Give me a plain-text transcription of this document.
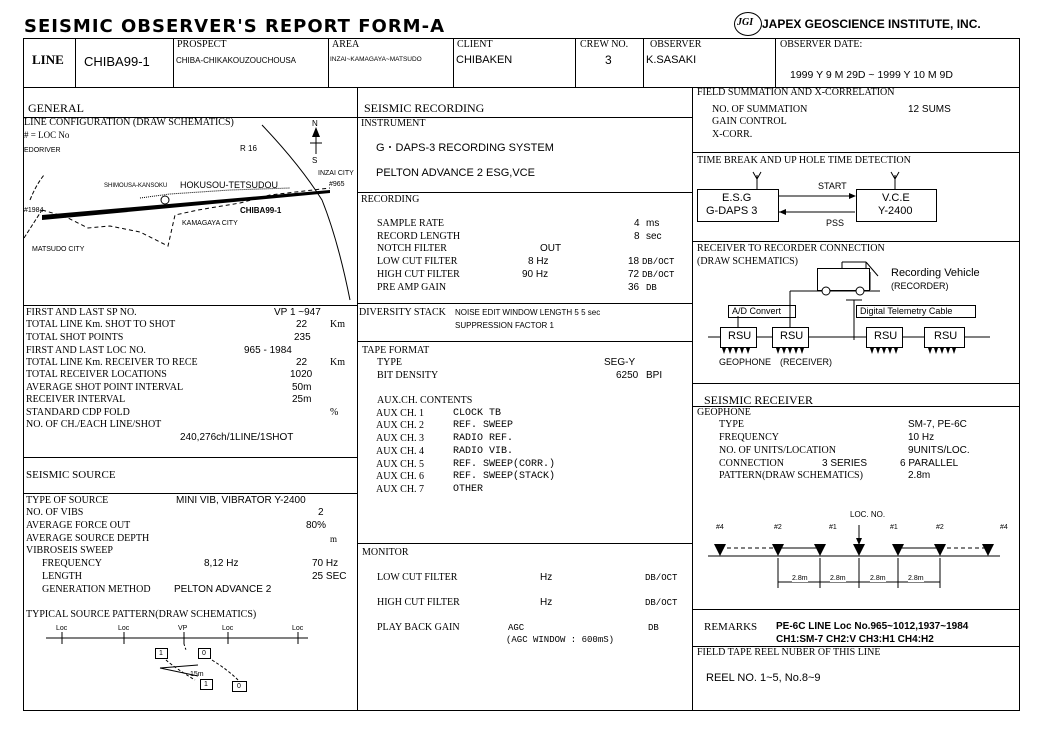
SEISMIC OBSERVER'S REPORT FORM-A	JGI JAPEX GEOSCIENCE INSTITUTE, INC.
LINE CHIBA99-1
PROSPECT
CHIBA-CHIKAKOUZOUCHOUSA
AREA
INZAI~KAMAGAYA~MATSUDO
CLIENT
CHIBAKEN
CREW NO.
3
OBSERVER
K.SASAKI
OBSERVER DATE:
1999 Y 9 M 29D ~ 1999 Y 10 M 9D
GENERAL
LINE CONFIGURATION (DRAW SCHEMATICS)
# = LOC No
EDORIVER	R 16
N
S
INZAI CITY
SHIMOUSA-KANSOKU HOKUSOU-TETSUDOU	#965
#1984	CHIBA99-1
KAMAGAYA CITY
MATSUDO CITY
FIRST AND LAST SP NO.	VP 1 ~947
TOTAL LINE Km. SHOT TO SHOT	22 Km
TOTAL SHOT POINTS	235
FIRST AND LAST LOC NO.	965 - 1984
TOTAL LINE Km. RECEIVER TO RECE	22 Km
TOTAL RECEIVER LOCATIONS	1020
AVERAGE SHOT POINT INTERVAL	50m
RECEIVER INTERVAL	25m
STANDARD CDP FOLD	%
NO. OF CH./EACH LINE/SHOT
240,276ch/1LINE/1SHOT
SEISMIC SOURCE
TYPE OF SOURCE	MINI VIB, VIBRATOR Y-2400
NO. OF VIBS	2
AVERAGE FORCE OUT	80%
AVERAGE SOURCE DEPTH	m
VIBROSEIS SWEEP
FREQUENCY	8,12 Hz	70 Hz
LENGTH	25 SEC
GENERATION METHOD PELTON ADVANCE 2
TYPICAL SOURCE PATTERN(DRAW SCHEMATICS)
Loc	Loc	VP	Loc	Loc
1	0
1	0
15m
SEISMIC RECORDING
INSTRUMENT
G・DAPS-3 RECORDING SYSTEM
PELTON ADVANCE 2 ESG,VCE
RECORDING
SAMPLE RATE	4 ms
RECORD LENGTH	8 sec
NOTCH FILTER	OUT
LOW CUT FILTER	8 Hz	18 DB/OCT
HIGH CUT FILTER	90 Hz	72 DB/OCT
PRE AMP GAIN	36 DB
DIVERSITY STACK NOISE EDIT WINDOW LENGTH 5 5 sec
SUPPRESSION FACTOR 1
TAPE FORMAT
TYPE	SEG-Y
BIT DENSITY	6250 BPI
AUX.CH. CONTENTS
AUX CH. 1	CLOCK TB
AUX CH. 2	REF. SWEEP
AUX CH. 3	RADIO REF.
AUX CH. 4	RADIO VIB.
AUX CH. 5	REF. SWEEP(CORR.)
AUX CH. 6	REF. SWEEP(STACK)
AUX CH. 7	OTHER
MONITOR
LOW CUT FILTER	Hz	DB/OCT
HIGH CUT FILTER	Hz	DB/OCT
PLAY BACK GAIN	AGC	DB
(AGC WINDOW : 600mS)
FIELD SUMMATION AND X-CORRELATION
NO. OF SUMMATION	12 SUMS
GAIN CONTROL
X-CORR.
TIME BREAK AND UP HOLE TIME DETECTION
E.S.G
G-DAPS 3
V.C.E
Y-2400
START
PSS
RECEIVER TO RECORDER CONNECTION
(DRAW SCHEMATICS)
Recording Vehicle
(RECORDER)
A/D Convert	Digital Telemetry Cable
RSU	RSU	RSU	RSU
GEOPHONE (RECEIVER)
SEISMIC RECEIVER
GEOPHONE
TYPE	SM-7, PE-6C
FREQUENCY	10 Hz
NO. OF UNITS/LOCATION	9UNITS/LOC.
CONNECTION	3 SERIES	6 PARALLEL
PATTERN(DRAW SCHEMATICS)	2.8m
LOC. NO.
#4	#2	#1	#1	#2	#4
2.8m	2.8m	2.8m	2.8m
REMARKS PE-6C LINE Loc No.965~1012,1937~1984
CH1:SM-7 CH2:V CH3:H1 CH4:H2
FIELD TAPE REEL NUBER OF THIS LINE
REEL NO. 1~5, No.8~9
